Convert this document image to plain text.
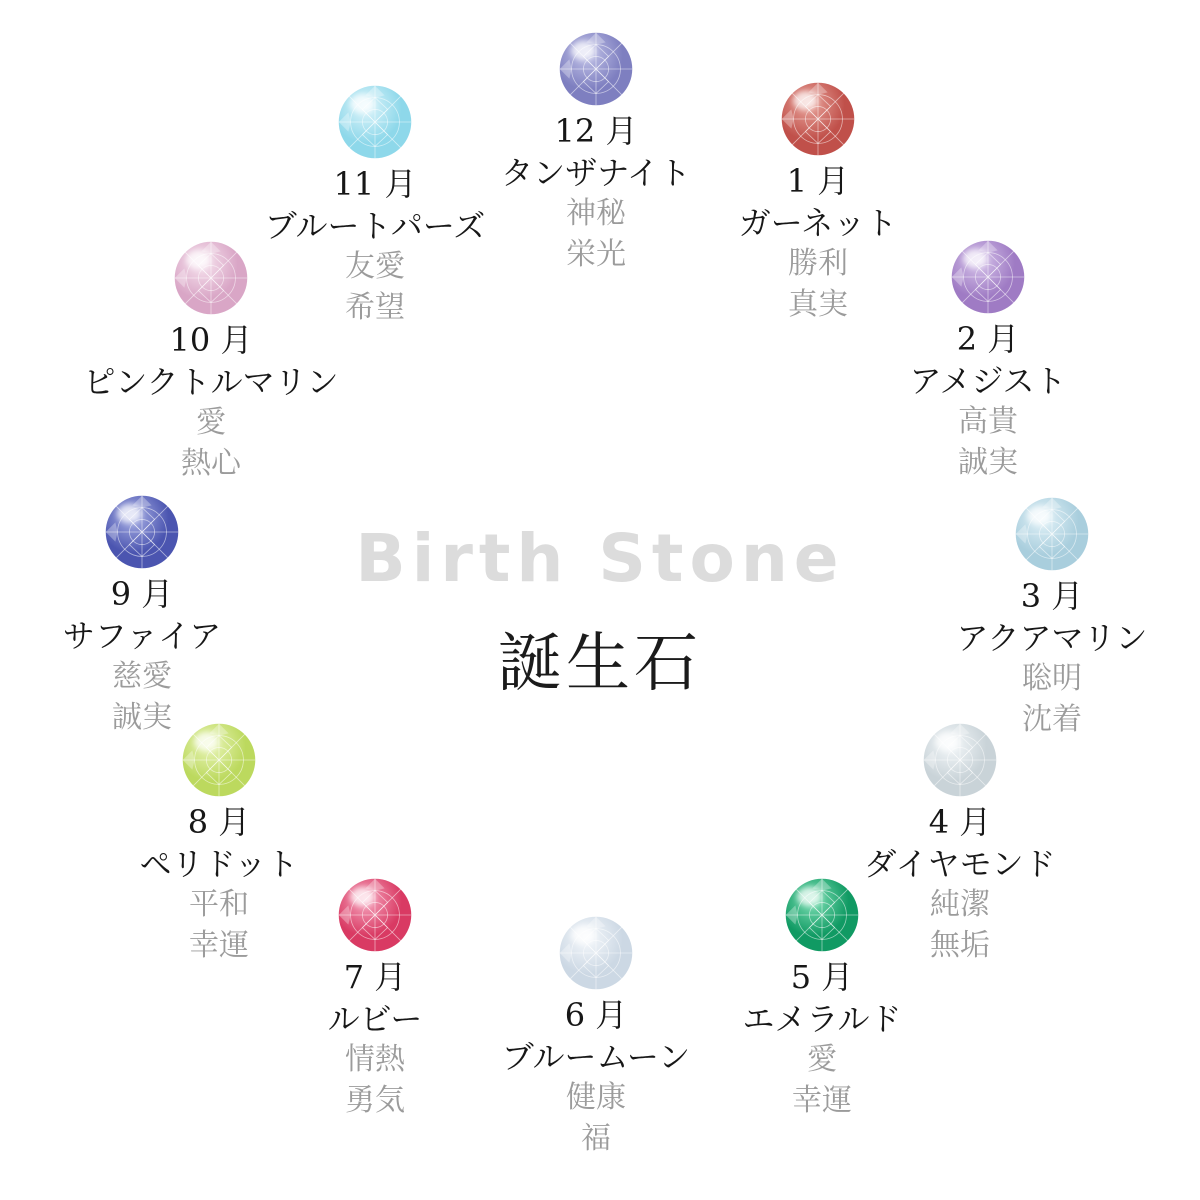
Birth Stone
誕生石
1 月
ガーネット
勝利
真実
2 月
アメジスト
高貴
誠実
3 月
アクアマリン
聡明
沈着
4 月
ダイヤモンド
純潔
無垢
5 月
エメラルド
愛
幸運
6 月
ブルームーン
健康
福
7 月
ルビー
情熱
勇気
8 月
ペリドット
平和
幸運
9 月
サファイア
慈愛
誠実
10 月
ピンクトルマリン
愛
熱心
11 月
ブルートパーズ
友愛
希望
12 月
タンザナイト
神秘
栄光
